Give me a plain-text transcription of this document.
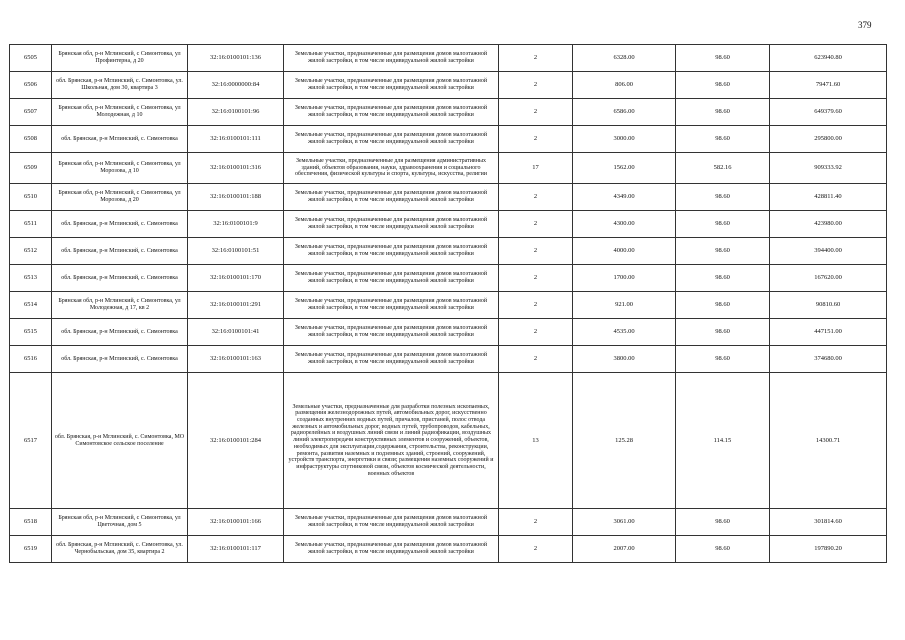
379
6505	Брянская обл, р-н Мглинский, с Симонтовка, ул Профинтерна, д 20	32:16:0100101:136	Земельные участки, предназначенные для размещения домов малоэтажной жилой застройки, в том числе индивидуальной жилой застройки	2	6328.00	98.60	623940.80
6506	обл. Брянская, р-н Мглинский, с. Симонтовка, ул. Школьная, дом 30, квартира 3	32:16:0000000:84	Земельные участки, предназначенные для размещения домов малоэтажной жилой застройки, в том числе индивидуальной жилой застройки	2	806.00	98.60	79471.60
6507	Брянская обл, р-н Мглинский, с Симонтовка, ул Молодежная, д 10	32:16:0100101:96	Земельные участки, предназначенные для размещения домов малоэтажной жилой застройки, в том числе индивидуальной жилой застройки	2	6586.00	98.60	649379.60
6508	обл. Брянская, р-н Мглинский, с. Симонтовка	32:16:0100101:111	Земельные участки, предназначенные для размещения домов малоэтажной жилой застройки, в том числе индивидуальной жилой застройки	2	3000.00	98.60	295800.00
6509	Брянская обл, р-н Мглинский, с Симонтовка, ул Морозова, д 10	32:16:0100101:316	Земельные участки, предназначенные для размещения административных зданий, объектов образования, науки, здравоохранения и социального обеспечения, физической культуры и спорта, культуры, искусства, религии	17	1562.00	582.16	909333.92
6510	Брянская обл, р-н Мглинский, с Симонтовка, ул Морозова, д 20	32:16:0100101:188	Земельные участки, предназначенные для размещения домов малоэтажной жилой застройки, в том числе индивидуальной жилой застройки	2	4349.00	98.60	428811.40
6511	обл. Брянская, р-н Мглинский, с. Симонтовка	32:16:0100101:9	Земельные участки, предназначенные для размещения домов малоэтажной жилой застройки, в том числе индивидуальной жилой застройки	2	4300.00	98.60	423980.00
6512	обл. Брянская, р-н Мглинский, с. Симонтовка	32:16:0100101:51	Земельные участки, предназначенные для размещения домов малоэтажной жилой застройки, в том числе индивидуальной жилой застройки	2	4000.00	98.60	394400.00
6513	обл. Брянская, р-н Мглинский, с. Симонтовка	32:16:0100101:170	Земельные участки, предназначенные для размещения домов малоэтажной жилой застройки, в том числе индивидуальной жилой застройки	2	1700.00	98.60	167620.00
6514	Брянская обл, р-н Мглинский, с Симонтовка, ул Молодежная, д 17, кв 2	32:16:0100101:291	Земельные участки, предназначенные для размещения домов малоэтажной жилой застройки, в том числе индивидуальной жилой застройки	2	921.00	98.60	90810.60
6515	обл. Брянская, р-н Мглинский, с. Симонтовка	32:16:0100101:41	Земельные участки, предназначенные для размещения домов малоэтажной жилой застройки, в том числе индивидуальной жилой застройки	2	4535.00	98.60	447151.00
6516	обл. Брянская, р-н Мглинский, с. Симонтовка	32:16:0100101:163	Земельные участки, предназначенные для размещения домов малоэтажной жилой застройки, в том числе индивидуальной жилой застройки	2	3800.00	98.60	374680.00
6517	обл. Брянская, р-н Мглинский, с. Симонтовка, МО Симонтовское сельское поселение	32:16:0100101:284	Земельные участки, предназначенные для разработки полезных ископаемых, размещения железнодорожных путей, автомобильных дорог, искусственно созданных внутренних водных путей, причалов, пристаней, полос отвода железных и автомобильных дорог, водных путей, трубопроводов, кабельных, радиорелейных и воздушных линий связи и линий радиофикации, воздушных линий электропередачи конструктивных элементов и сооружений, объектов, необходимых для эксплуатации,содержания, строительства, реконструкции, ремонта, развития наземных и подземных зданий, строений, сооружений, устройств транспорта, энергетики и связи; размещения наземных сооружений и инфраструктуры спутниковой связи, объектов космической деятельности, военных объектов	13	125.28	114.15	14300.71
6518	Брянская обл, р-н Мглинский, с Симонтовка, ул Цветочная, дом 5	32:16:0100101:166	Земельные участки, предназначенные для размещения домов малоэтажной жилой застройки, в том числе индивидуальной жилой застройки	2	3061.00	98.60	301814.60
6519	обл. Брянская, р-н Мглинский, с. Симонтовка, ул. Чернобыльская, дом 35, квартира 2	32:16:0100101:117	Земельные участки, предназначенные для размещения домов малоэтажной жилой застройки, в том числе индивидуальной жилой застройки	2	2007.00	98.60	197890.20
